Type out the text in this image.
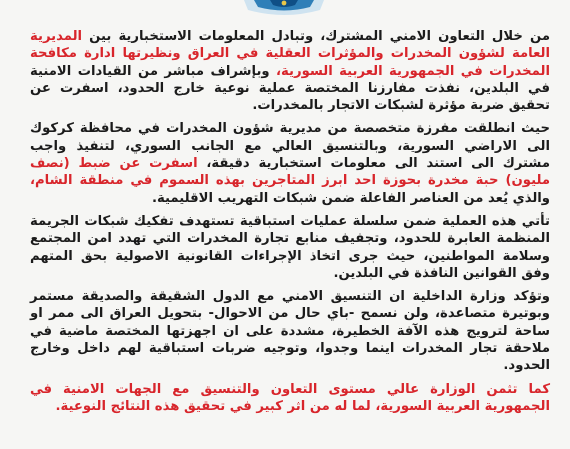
من خلال التعاون الامني المشترك، وتبادل المعلومات الاستخبارية بين المديرية العامة لشؤون المخدرات والمؤثرات العقلية في العراق ونظيرتها ادارة مكافحة المخدرات في الجمهورية العربية السورية، وبإشراف مباشر من القيادات الامنية في البلدين، نفذت مفارزنا المختصة عملية نوعية خارج الحدود، اسفرت عن تحقيق ضربة مؤثرة لشبكات الاتجار بالمخدرات.

حيث انطلقت مفرزة متخصصة من مديرية شؤون المخدرات في محافظة كركوك الى الاراضي السورية، وبالتنسيق العالي مع الجانب السوري، لتنفيذ واجب مشترك الى استند الى معلومات استخبارية دقيقة، اسفرت عن ضبط (نصف مليون) حبة مخدرة بحوزة احد ابرز المتاجرين بهذه السموم في منطقة الشام، والذي يُعد من العناصر الفاعلة ضمن شبكات التهريب الاقليمية.

تأتي هذه العملية ضمن سلسلة عمليات استباقية تستهدف تفكيك شبكات الجريمة المنظمة العابرة للحدود، وتجفيف منابع تجارة المخدرات التي تهدد امن المجتمع وسلامة المواطنين، حيث جرى اتخاذ الإجراءات القانونية الاصولية بحق المتهم وفق القوانين النافذة في البلدين.

وتؤكد وزارة الداخلية ان التنسيق الامني مع الدول الشقيقة والصديقة مستمر وبوتيرة متصاعدة، ولن نسمح -باي حال من الاحوال- بتحويل العراق الى ممر او ساحة لترويج هذه الآفة الخطيرة، مشددة على ان اجهزتها المختصة ماضية في ملاحقة تجار المخدرات اينما وجدوا، وتوجيه ضربات استباقية لهم داخل وخارج الحدود.

كما تثمن الوزارة عالي مستوى التعاون والتنسيق مع الجهات الامنية في الجمهورية العربية السورية، لما له من اثر كبير في تحقيق هذه النتائج النوعية.
